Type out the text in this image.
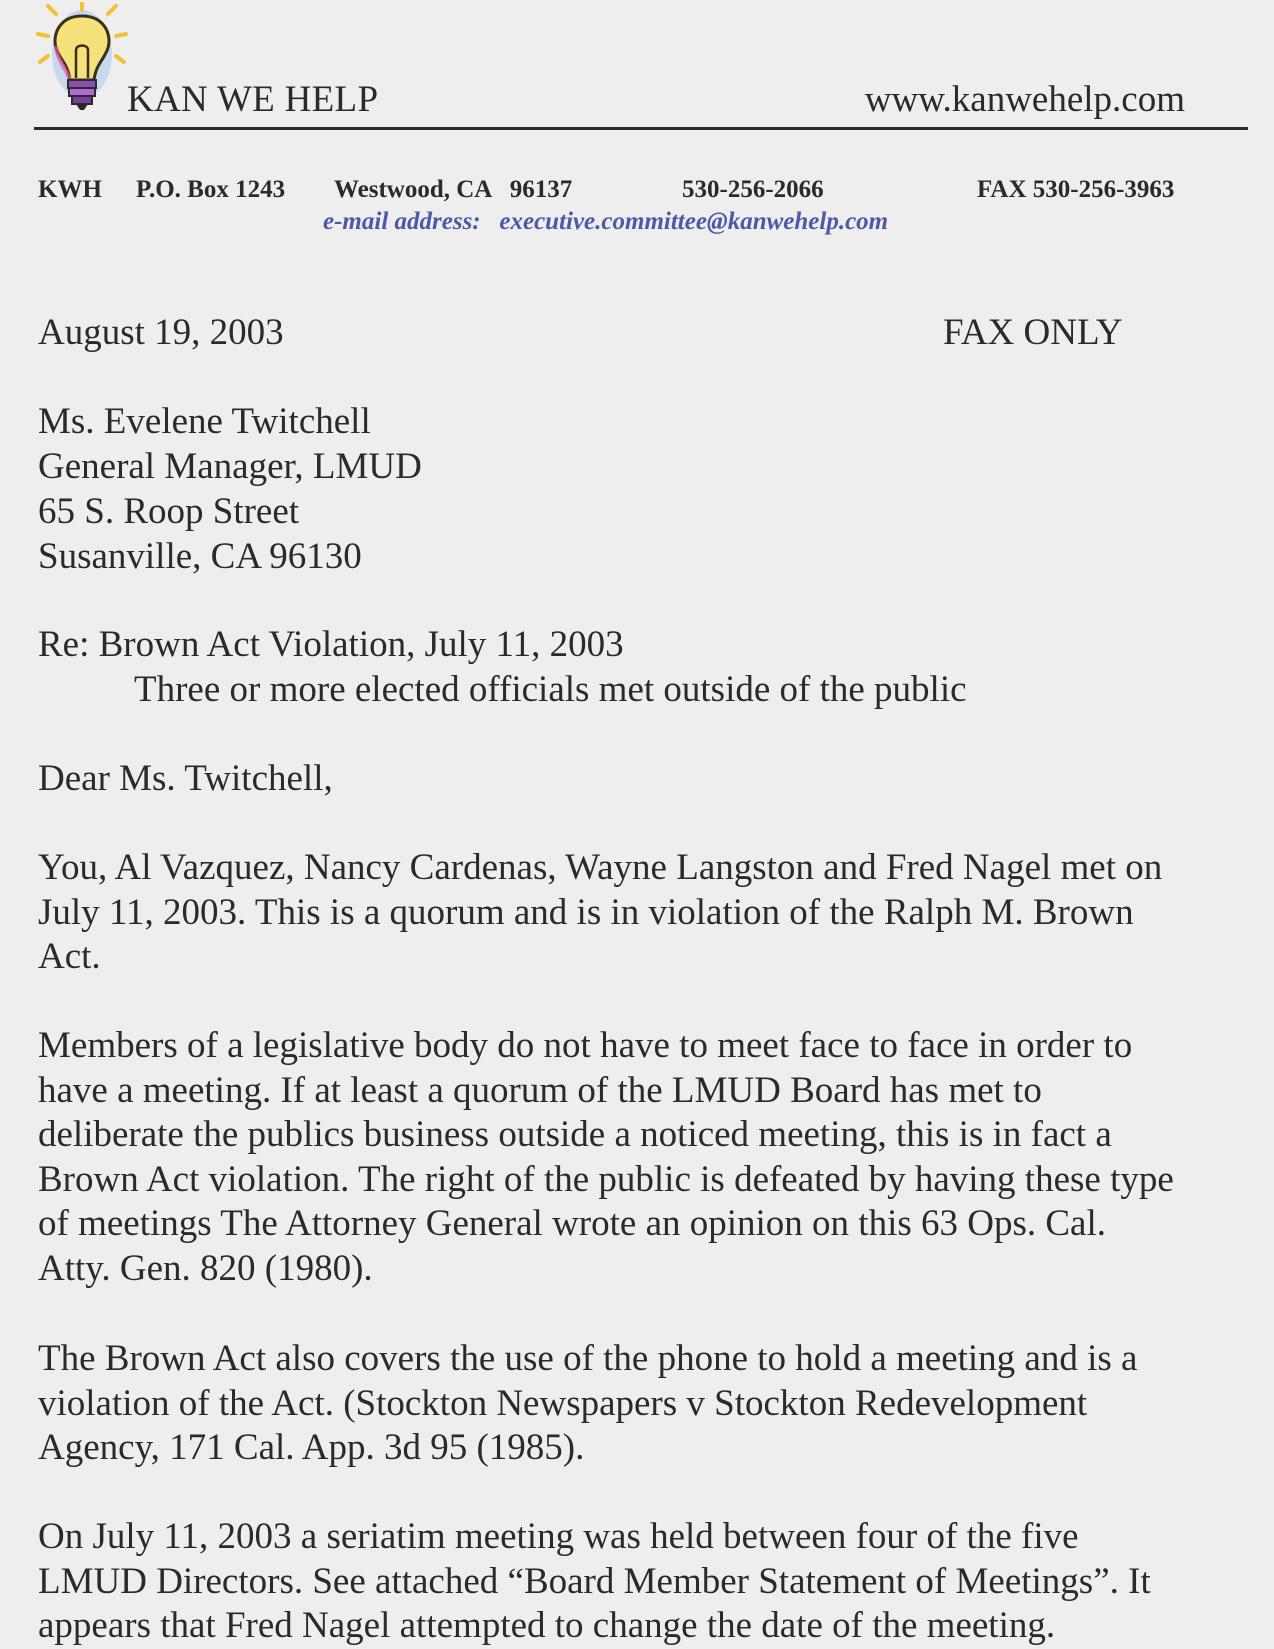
KAN WE HELP	www.kanwehelp.com
KWH P.O. Box 1243 Westwood, CA   96137	530-256-2066	FAX 530-256-3963
e-mail address: executive.committee@kanwehelp.com
August 19, 2003	FAX ONLY
Ms. Evelene Twitchell
General Manager, LMUD
65 S. Roop Street
Susanville, CA 96130
Re: Brown Act Violation, July 11, 2003
Three or more elected officials met outside of the public
Dear Ms. Twitchell,
You, Al Vazquez, Nancy Cardenas, Wayne Langston and Fred Nagel met on
July 11, 2003. This is a quorum and is in violation of the Ralph M. Brown
Act.
Members of a legislative body do not have to meet face to face in order to
have a meeting. If at least a quorum of the LMUD Board has met to
deliberate the publics business outside a noticed meeting, this is in fact a
Brown Act violation. The right of the public is defeated by having these type
of meetings The Attorney General wrote an opinion on this 63 Ops. Cal.
Atty. Gen. 820 (1980).
The Brown Act also covers the use of the phone to hold a meeting and is a
violation of the Act. (Stockton Newspapers v Stockton Redevelopment
Agency, 171 Cal. App. 3d 95 (1985).
On July 11, 2003 a seriatim meeting was held between four of the five
LMUD Directors. See attached “Board Member Statement of Meetings”. It
appears that Fred Nagel attempted to change the date of the meeting.
